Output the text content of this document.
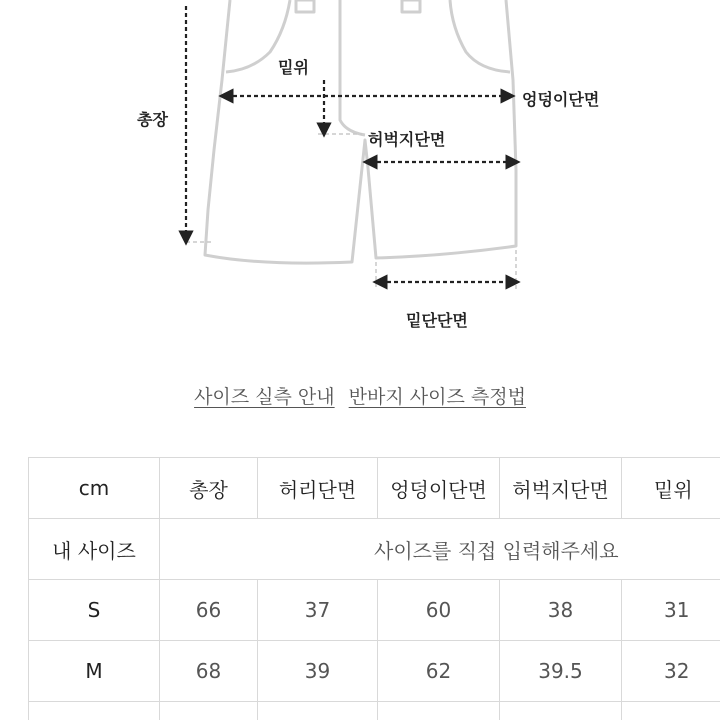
밑위
엉덩이단면
총장
허벅지단면
밑단단면
사이즈 실측 안내 반바지 사이즈 측정법
cm	총장	허리단면	엉덩이단면	허벅지단면	밑위
내 사이즈	사이즈를 직접 입력해주세요				
S	66	37	60	38	31
M	68	39	62	39.5	32
